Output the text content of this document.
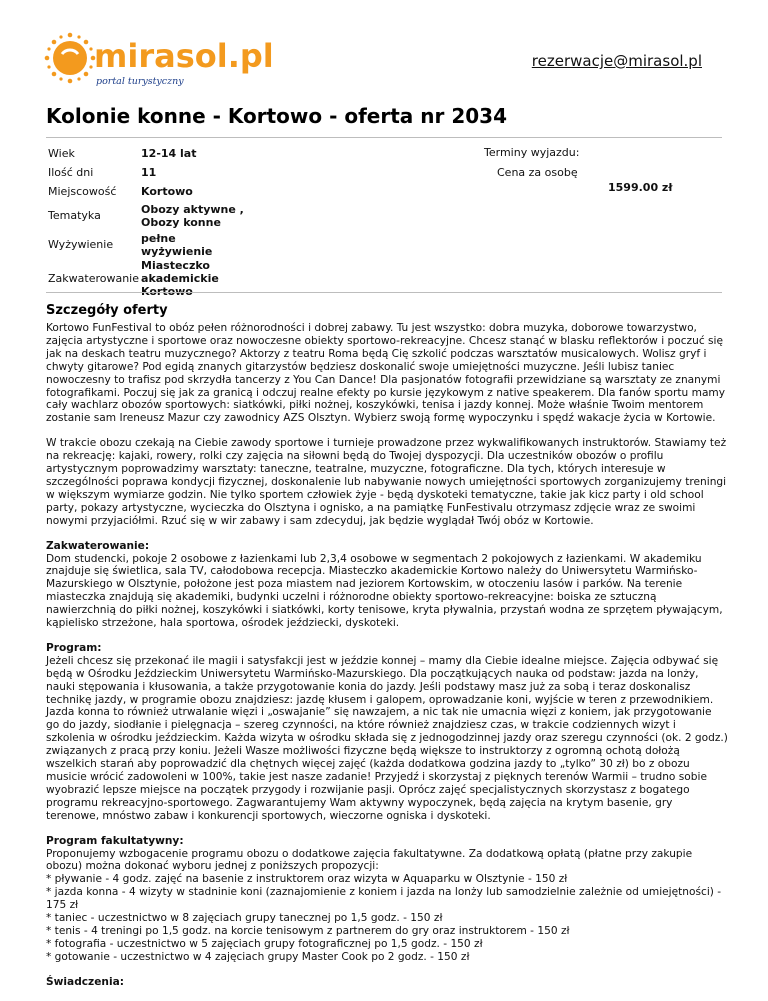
mirasol.pl
portal turystyczny
rezerwacje@mirasol.pl
Kolonie konne - Kortowo - oferta nr 2034
Wiek	12-14 lat
Ilość dni	11
Miejscowość	Kortowo
Tematyka	Obozy aktywne ,
Obozy konne
Wyżywienie	pełne
wyżywienie
Zakwaterowanie	Miasteczko
akademickie
Kortowo
Terminy wyjazdu:
Cena za osobę
1599.00 zł
Szczegóły oferty

Kortowo FunFestival to obóz pełen różnorodności i dobrej zabawy. Tu jest wszystko: dobra muzyka, doborowe towarzystwo, zajęcia artystyczne i sportowe oraz nowoczesne obiekty sportowo-rekreacyjne. Chcesz stanąć w blasku reflektorów i poczuć się jak na deskach teatru muzycznego? Aktorzy z teatru Roma będą Cię szkolić podczas warsztatów musicalowych. Wolisz gryf i chwyty gitarowe? Pod egidą znanych gitarzystów będziesz doskonalić swoje umiejętności muzyczne. Jeśli lubisz taniec nowoczesny to trafisz pod skrzydła tancerzy z You Can Dance! Dla pasjonatów fotografii przewidziane są warsztaty ze znanymi fotografikami. Poczuj się jak za granicą i odczuj realne efekty po kursie językowym z native speakerem. Dla fanów sportu mamy cały wachlarz obozów sportowych: siatkówki, piłki nożnej, koszykówki, tenisa i jazdy konnej. Może właśnie Twoim mentorem zostanie sam Ireneusz Mazur czy zawodnicy AZS Olsztyn. Wybierz swoją formę wypoczynku i spędź wakacje życia w Kortowie.

W trakcie obozu czekają na Ciebie zawody sportowe i turnieje prowadzone przez wykwalifikowanych instruktorów. Stawiamy też na rekreację: kajaki, rowery, rolki czy zajęcia na siłowni będą do Twojej dyspozycji. Dla uczestników obozów o profilu artystycznym poprowadzimy warsztaty: taneczne, teatralne, muzyczne, fotograficzne. Dla tych, których interesuje w szczególności poprawa kondycji fizycznej, doskonalenie lub nabywanie nowych umiejętności sportowych zorganizujemy treningi w większym wymiarze godzin. Nie tylko sportem człowiek żyje - będą dyskoteki tematyczne, takie jak kicz party i old school party, pokazy artystyczne, wycieczka do Olsztyna i ognisko, a na pamiątkę FunFestivalu otrzymasz zdjęcie wraz ze swoimi nowymi przyjaciółmi. Rzuć się w wir zabawy i sam zdecyduj, jak będzie wyglądał Twój obóz w Kortowie.

Zakwaterowanie:
Dom studencki, pokoje 2 osobowe z łazienkami lub 2,3,4 osobowe w segmentach 2 pokojowych z łazienkami. W akademiku znajduje się świetlica, sala TV, całodobowa recepcja. Miasteczko akademickie Kortowo należy do Uniwersytetu Warmińsko-Mazurskiego w Olsztynie, położone jest poza miastem nad jeziorem Kortowskim, w otoczeniu lasów i parków. Na terenie miasteczka znajdują się akademiki, budynki uczelni i różnorodne obiekty sportowo-rekreacyjne: boiska ze sztuczną nawierzchnią do piłki nożnej, koszykówki i siatkówki, korty tenisowe, kryta pływalnia, przystań wodna ze sprzętem pływającym, kąpielisko strzeżone, hala sportowa, ośrodek jeździecki, dyskoteki.

Program:
Jeżeli chcesz się przekonać ile magii i satysfakcji jest w jeździe konnej – mamy dla Ciebie idealne miejsce. Zajęcia odbywać się będą w Ośrodku Jeździeckim Uniwersytetu Warmińsko-Mazurskiego. Dla początkujących nauka od podstaw: jazda na lonży, nauki stępowania i kłusowania, a także przygotowanie konia do jazdy. Jeśli podstawy masz już za sobą i teraz doskonalisz technikę jazdy, w programie obozu znajdziesz: jazdę kłusem i galopem, oprowadzanie koni, wyjście w teren z przewodnikiem. Jazda konna to również utrwalanie więzi i „oswajanie” się nawzajem, a nic tak nie umacnia więzi z koniem, jak przygotowanie go do jazdy, siodłanie i pielęgnacja – szereg czynności, na które również znajdziesz czas, w trakcie codziennych wizyt i szkolenia w ośrodku jeździeckim. Każda wizyta w ośrodku składa się z jednogodzinnej jazdy oraz szeregu czynności (ok. 2 godz.) związanych z pracą przy koniu. Jeżeli Wasze możliwości fizyczne będą większe to instruktorzy z ogromną ochotą dołożą wszelkich starań aby poprowadzić dla chętnych więcej zajęć (każda dodatkowa godzina jazdy to „tylko” 30 zł) bo z obozu musicie wrócić zadowoleni w 100%, takie jest nasze zadanie! Przyjedź i skorzystaj z pięknych terenów Warmii – trudno sobie wyobrazić lepsze miejsce na początek przygody i rozwijanie pasji. Oprócz zajęć specjalistycznych skorzystasz z bogatego programu rekreacyjno-sportowego. Zagwarantujemy Wam aktywny wypoczynek, będą zajęcia na krytym basenie, gry terenowe, mnóstwo zabaw i konkurencji sportowych, wieczorne ogniska i dyskoteki.

Program fakultatywny:
Proponujemy wzbogacenie programu obozu o dodatkowe zajęcia fakultatywne. Za dodatkową opłatą (płatne przy zakupie obozu) można dokonać wyboru jednej z poniższych propozycji:
* pływanie - 4 godz. zajęć na basenie z instruktorem oraz wizyta w Aquaparku w Olsztynie - 150 zł
* jazda konna - 4 wizyty w stadninie koni (zaznajomienie z koniem i jazda na lonży lub samodzielnie zależnie od umiejętności) - 175 zł
* taniec - uczestnictwo w 8 zajęciach grupy tanecznej po 1,5 godz. - 150 zł
* tenis - 4 treningi po 1,5 godz. na korcie tenisowym z partnerem do gry oraz instruktorem - 150 zł
* fotografia - uczestnictwo w 5 zajęciach grupy fotograficznej po 1,5 godz. - 150 zł
* gotowanie - uczestnictwo w 4 zajęciach grupy Master Cook po 2 godz. - 150 zł

Świadczenia:
